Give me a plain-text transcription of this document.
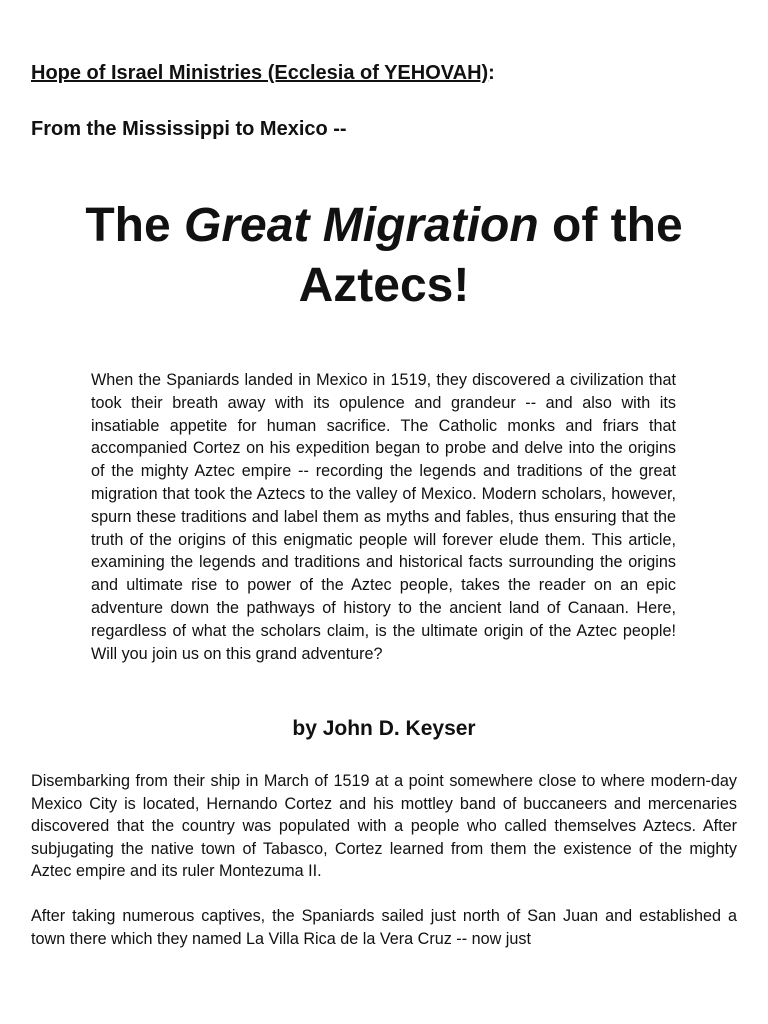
Hope of Israel Ministries (Ecclesia of YEHOVAH):
From the Mississippi to Mexico --
The Great Migration of the Aztecs!

When the Spaniards landed in Mexico in 1519, they discovered a civilization that took their breath away with its opulence and grandeur -- and also with its insatiable appetite for human sacrifice. The Catholic monks and friars that accompanied Cortez on his expedition began to probe and delve into the origins of the mighty Aztec empire -- recording the legends and traditions of the great migration that took the Aztecs to the valley of Mexico. Modern scholars, however, spurn these traditions and label them as myths and fables, thus ensuring that the truth of the origins of this enigmatic people will forever elude them. This article, examining the legends and traditions and historical facts surrounding the origins and ultimate rise to power of the Aztec people, takes the reader on an epic adventure down the pathways of history to the ancient land of Canaan. Here, regardless of what the scholars claim, is the ultimate origin of the Aztec people! Will you join us on this grand adventure?

by John D. Keyser

Disembarking from their ship in March of 1519 at a point somewhere close to where modern-day Mexico City is located, Hernando Cortez and his mottley band of buccaneers and mercenaries discovered that the country was populated with a people who called themselves Aztecs. After subjugating the native town of Tabasco, Cortez learned from them the existence of the mighty Aztec empire and its ruler Montezuma II.

After taking numerous captives, the Spaniards sailed just north of San Juan and established a town there which they named La Villa Rica de la Vera Cruz -- now just
